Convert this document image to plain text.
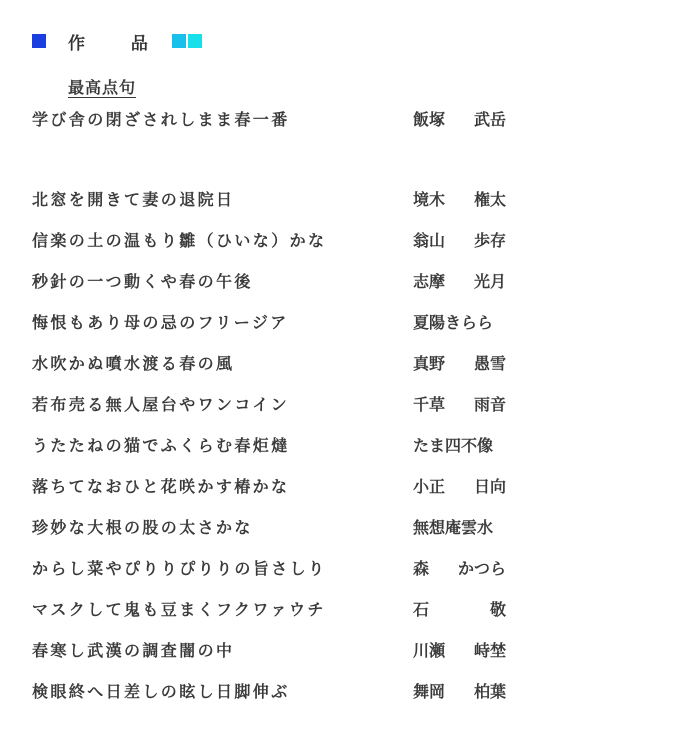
作 品
最高点句
学び舎の閉ざされしまま春一番	飯塚 武岳
北窓を開きて妻の退院日	境木 権太
信楽の土の温もり雛（ひいな）かな	翁山 歩存
秒針の一つ動くや春の午後	志摩 光月
悔恨もあり母の忌のフリージア	夏陽きらら
水吹かぬ噴水渡る春の風	真野 愚雪
若布売る無人屋台やワンコイン	千草 雨音
うたたねの猫でふくらむ春炬燵	たま四不像
落ちてなおひと花咲かす椿かな	小正 日向
珍妙な大根の股の太さかな	無想庵雲水
からし菜やぴりりぴりりの旨さしり	森 かつら
マスクして鬼も豆まくフクワァウチ	石	敬
春寒し武漢の調査闇の中	川瀬 峙埜
検眼終へ日差しの眩し日脚伸ぶ	舞岡 柏葉
